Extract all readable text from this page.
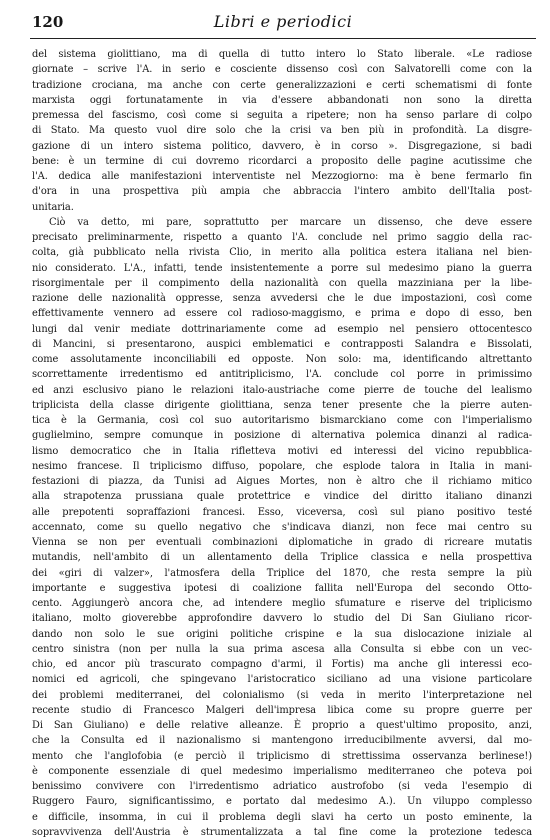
120	Libri e periodici
del sistema giolittiano, ma di quella di tutto intero lo Stato liberale. «Le radiose
giornate – scrive l'A. in serio e cosciente dissenso così con Salvatorelli come con la
tradizione crociana, ma anche con certe generalizzazioni e certi schematismi di fonte
marxista oggi fortunatamente in via d'essere abbandonati non sono la diretta
premessa del fascismo, così come si seguita a ripetere; non ha senso parlare di colpo
di Stato. Ma questo vuol dire solo che la crisi va ben più in profondità. La disgre-
gazione di un intero sistema politico, davvero, è in corso ». Disgregazione, si badi
bene: è un termine di cui dovremo ricordarci a proposito delle pagine acutissime che
l'A. dedica alle manifestazioni interventiste nel Mezzogiorno: ma è bene fermarlo fin
d'ora in una prospettiva più ampia che abbraccia l'intero ambito dell'Italia post-
unitaria.
Ciò va detto, mi pare, soprattutto per marcare un dissenso, che deve essere
precisato preliminarmente, rispetto a quanto l'A. conclude nel primo saggio della rac-
colta, già pubblicato nella rivista Clio, in merito alla politica estera italiana nel bien-
nio considerato. L'A., infatti, tende insistentemente a porre sul medesimo piano la guerra
risorgimentale per il compimento della nazionalità con quella mazziniana per la libe-
razione delle nazionalità oppresse, senza avvedersi che le due impostazioni, così come
effettivamente vennero ad essere col radioso-maggismo, e prima e dopo di esso, ben
lungi dal venir mediate dottrinariamente come ad esempio nel pensiero ottocentesco
di Mancini, si presentarono, auspici emblematici e contrapposti Salandra e Bissolati,
come assolutamente inconciliabili ed opposte. Non solo: ma, identificando altrettanto
scorrettamente irredentismo ed antitriplicismo, l'A. conclude col porre in primissimo
ed anzi esclusivo piano le relazioni italo-austriache come pierre de touche del lealismo
triplicista della classe dirigente giolittiana, senza tener presente che la pierre auten-
tica è la Germania, così col suo autoritarismo bismarckiano come con l'imperialismo
guglielmino, sempre comunque in posizione di alternativa polemica dinanzi al radica-
lismo democratico che in Italia rifletteva motivi ed interessi del vicino repubblica-
nesimo francese. Il triplicismo diffuso, popolare, che esplode talora in Italia in mani-
festazioni di piazza, da Tunisi ad Aigues Mortes, non è altro che il richiamo mitico
alla strapotenza prussiana quale protettrice e vindice del diritto italiano dinanzi
alle prepotenti sopraffazioni francesi. Esso, viceversa, così sul piano positivo testé
accennato, come su quello negativo che s'indicava dianzi, non fece mai centro su
Vienna se non per eventuali combinazioni diplomatiche in grado di ricreare mutatis
mutandis, nell'ambito di un allentamento della Triplice classica e nella prospettiva
dei «giri di valzer», l'atmosfera della Triplice del 1870, che resta sempre la più
importante e suggestiva ipotesi di coalizione fallita nell'Europa del secondo Otto-
cento. Aggiungerò ancora che, ad intendere meglio sfumature e riserve del triplicismo
italiano, molto gioverebbe approfondire davvero lo studio del Di San Giuliano ricor-
dando non solo le sue origini politiche crispine e la sua dislocazione iniziale al
centro sinistra (non per nulla la sua prima ascesa alla Consulta si ebbe con un vec-
chio, ed ancor più trascurato compagno d'armi, il Fortis) ma anche gli interessi eco-
nomici ed agricoli, che spingevano l'aristocratico siciliano ad una visione particolare
dei problemi mediterranei, del colonialismo (si veda in merito l'interpretazione nel
recente studio di Francesco Malgeri dell'impresa libica come su propre guerre per
Di San Giuliano) e delle relative alleanze. È proprio a quest'ultimo proposito, anzi,
che la Consulta ed il nazionalismo si mantengono irreducibilmente avversi, dal mo-
mento che l'anglofobia (e perciò il triplicismo di strettissima osservanza berlinese!)
è componente essenziale di quel medesimo imperialismo mediterraneo che poteva poi
benissimo convivere con l'irredentismo adriatico austrofobo (si veda l'esempio di
Ruggero Fauro, significantissimo, e portato dal medesimo A.). Un viluppo complesso
e difficile, insomma, in cui il problema degli slavi ha certo un posto eminente, la
sopravvivenza dell'Austria è strumentalizzata a tal fine come la protezione tedesca
